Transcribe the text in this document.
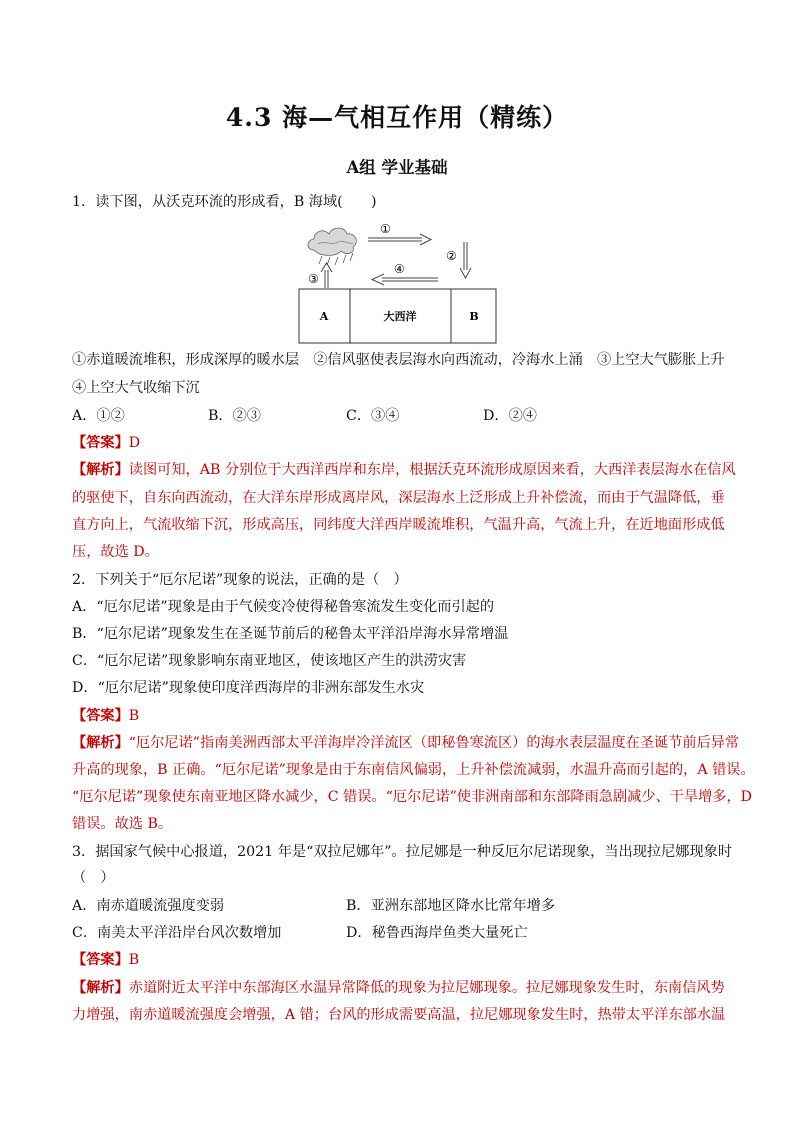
4.3 海—气相互作用（精练）
A组 学业基础
1．读下图，从沃克环流的形成看，B 海域(　　)
①
②
④
③
A	大西洋	B
①赤道暖流堆积，形成深厚的暖水层　②信风驱使表层海水向西流动，冷海水上涌　③上空大气膨胀上升
④上空大气收缩下沉
A．①②	B．②③	C．③④	D．②④
【答案】D
【解析】读图可知，AB 分别位于大西洋西岸和东岸，根据沃克环流形成原因来看，大西洋表层海水在信风
的驱使下，自东向西流动，在大洋东岸形成离岸风，深层海水上泛形成上升补偿流，而由于气温降低，垂
直方向上，气流收缩下沉，形成高压，同纬度大洋西岸暖流堆积，气温升高，气流上升，在近地面形成低
压，故选 D。
2．下列关于“厄尔尼诺”现象的说法，正确的是（　）
A．“厄尔尼诺”现象是由于气候变冷使得秘鲁寒流发生变化而引起的
B．“厄尔尼诺”现象发生在圣诞节前后的秘鲁太平洋沿岸海水异常增温
C．“厄尔尼诺”现象影响东南亚地区，使该地区产生的洪涝灾害
D．“厄尔尼诺”现象使印度洋西海岸的非洲东部发生水灾
【答案】B
【解析】“厄尔尼诺”指南美洲西部太平洋海岸冷洋流区（即秘鲁寒流区）的海水表层温度在圣诞节前后异常
升高的现象，B 正确。“厄尔尼诺”现象是由于东南信风偏弱，上升补偿流减弱，水温升高而引起的，A 错误。
“厄尔尼诺”现象使东南亚地区降水减少，C 错误。“厄尔尼诺”使非洲南部和东部降雨急剧减少、干旱增多，D
错误。故选 B。
3．据国家气候中心报道，2021 年是“双拉尼娜年”。拉尼娜是一种反厄尔尼诺现象，当出现拉尼娜现象时
（　）
A．南赤道暖流强度变弱	B．亚洲东部地区降水比常年增多
C．南美太平洋沿岸台风次数增加	D．秘鲁西海岸鱼类大量死亡
【答案】B
【解析】赤道附近太平洋中东部海区水温异常降低的现象为拉尼娜现象。拉尼娜现象发生时，东南信风势
力增强，南赤道暖流强度会增强，A 错；台风的形成需要高温，拉尼娜现象发生时，热带太平洋东部水温
